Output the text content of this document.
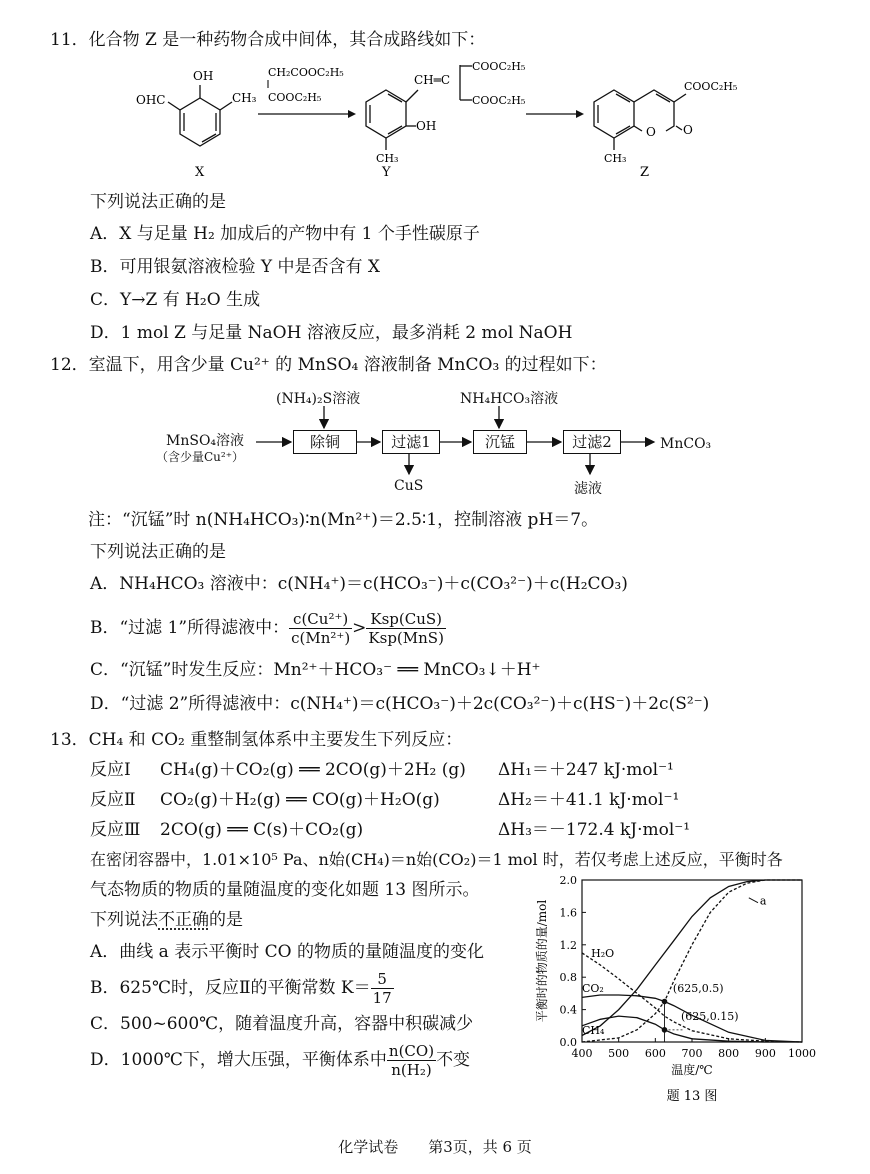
11．化合物 Z 是一种药物合成中间体，其合成路线如下：
OH
OHC	CH₃
X
CH₂COOC₂H₅
COOC₂H₅
CH═C
COOC₂H₅
COOC₂H₅
OH
CH₃
Y
COOC₂H₅
O O
CH₃
Z
下列说法正确的是
A．X 与足量 H₂ 加成后的产物中有 1 个手性碳原子
B．可用银氨溶液检验 Y 中是否含有 X
C．Y→Z 有 H₂O 生成
D．1 mol Z 与足量 NaOH 溶液反应，最多消耗 2 mol NaOH
12．室温下，用含少量 Cu²⁺ 的 MnSO₄ 溶液制备 MnCO₃ 的过程如下：
(NH₄)₂S溶液	NH₄HCO₃溶液
MnSO₄溶液
（含少量Cu²⁺）
除铜	过滤1	沉锰	过滤2	MnCO₃
CuS	滤液
注：“沉锰”时 n(NH₄HCO₃)∶n(Mn²⁺)＝2.5∶1，控制溶液 pH＝7。
下列说法正确的是
A．NH₄HCO₃ 溶液中：c(NH₄⁺)＝c(HCO₃⁻)＋c(CO₃²⁻)＋c(H₂CO₃)
B．“过滤 1”所得滤液中： $\frac{\text{c(Cu²⁺)}}{\text{c(Mn²⁺)}} > \frac{\text{Ksp(CuS)}}{\text{Ksp(MnS)}}$
C．“沉锰”时发生反应：Mn²⁺＋HCO₃⁻ ══ MnCO₃↓＋H⁺
D．“过滤 2”所得滤液中：c(NH₄⁺)＝c(HCO₃⁻)＋2c(CO₃²⁻)＋c(HS⁻)＋2c(S²⁻)
13．CH₄ 和 CO₂ 重整制氢体系中主要发生下列反应：
反应Ⅰ CH₄(g)＋CO₂(g) ══ 2CO(g)＋2H₂ (g) ΔH₁＝＋247 kJ·mol⁻¹
反应Ⅱ CO₂(g)＋H₂(g) ══ CO(g)＋H₂O(g)	ΔH₂＝＋41.1 kJ·mol⁻¹
反应Ⅲ 2CO(g) ══ C(s)＋CO₂(g)	ΔH₃＝－172.4 kJ·mol⁻¹
在密闭容器中，1.01×10⁵ Pa、n始(CH₄)＝n始(CO₂)＝1 mol 时，若仅考虑上述反应，平衡时各
气态物质的物质的量随温度的变化如题 13 图所示。
下列说法不正确的是
A．曲线 a 表示平衡时 CO 的物质的量随温度的变化
B．625℃时，反应Ⅱ的平衡常数 $K= \frac{5}{17}$
C．500~600℃，随着温度升高，容器中积碳减少
D．1000℃下，增大压强，平衡体系中 $\frac{n(CO)}{\text{n(H₂)}}$ 不变	400 500 600 700 800 900 1000
0.0
0.4
0.8
1.2
1.6
2.0
温度/℃
平衡时的物质的量/mol
题 13 图
a
H₂O
CO₂
CH₄
(625,0.5)
(625,0.15)
化学试卷　　第3页，共 6 页
